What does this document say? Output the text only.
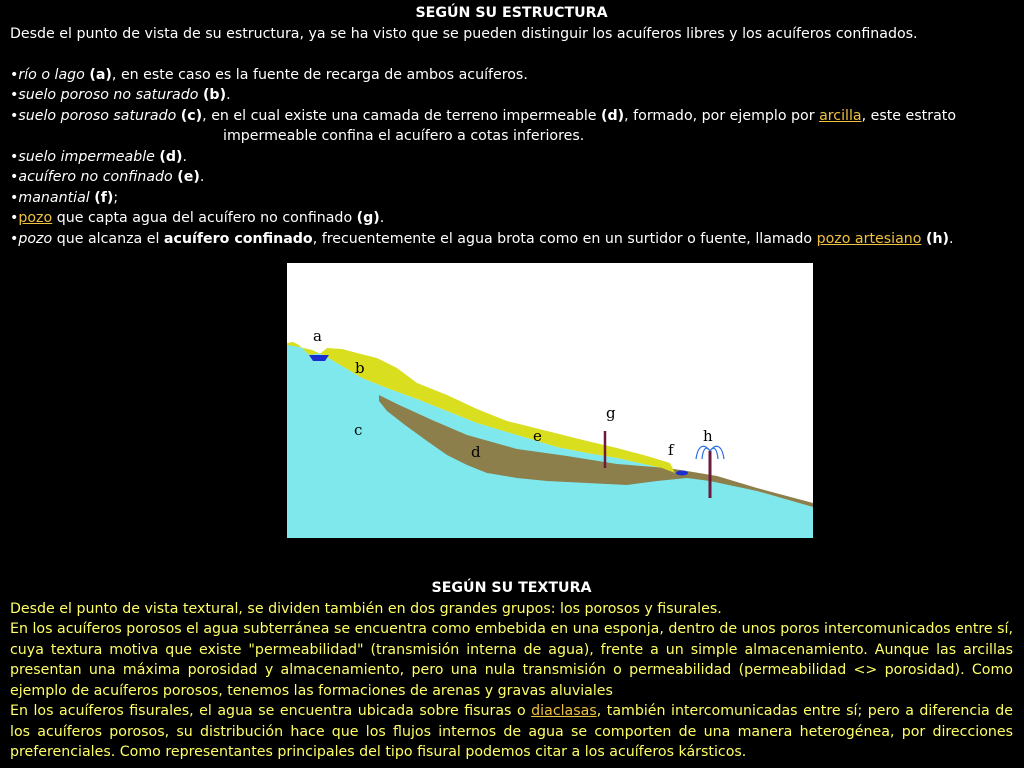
SEGÚN SU ESTRUCTURA
Desde el punto de vista de su estructura, ya se ha visto que se pueden distinguir los acuíferos libres y los acuíferos confinados.
•río o lago (a), en este caso es la fuente de recarga de ambos acuíferos.
•suelo poroso no saturado (b).
•suelo poroso saturado (c), en el cual existe una camada de terreno impermeable (d), formado, por ejemplo por arcilla, este estrato
impermeable confina el acuífero a cotas inferiores.
•suelo impermeable (d).
•acuífero no confinado (e).
•manantial (f);
•pozo que capta agua del acuífero no confinado (g).
•pozo que alcanza el acuífero confinado, frecuentemente el agua brota como en un surtidor o fuente, llamado pozo artesiano (h).
a
b
c
d
e
f
g
h
SEGÚN SU TEXTURA
Desde el punto de vista textural, se dividen también en dos grandes grupos: los porosos y fisurales.
En los acuíferos porosos el agua subterránea se encuentra como embebida en una esponja, dentro de unos poros intercomunicados entre sí, cuya textura motiva que existe "permeabilidad" (transmisión interna de agua), frente a un simple almacenamiento. Aunque las arcillas presentan una máxima porosidad y almacenamiento, pero una nula transmisión o permeabilidad (permeabilidad <> porosidad). Como ejemplo de acuíferos porosos, tenemos las formaciones de arenas y gravas aluviales
En los acuíferos fisurales, el agua se encuentra ubicada sobre fisuras o diaclasas, también intercomunicadas entre sí; pero a diferencia de los acuíferos porosos, su distribución hace que los flujos internos de agua se comporten de una manera heterogénea, por direcciones preferenciales. Como representantes principales del tipo fisural podemos citar a los acuíferos kársticos.
